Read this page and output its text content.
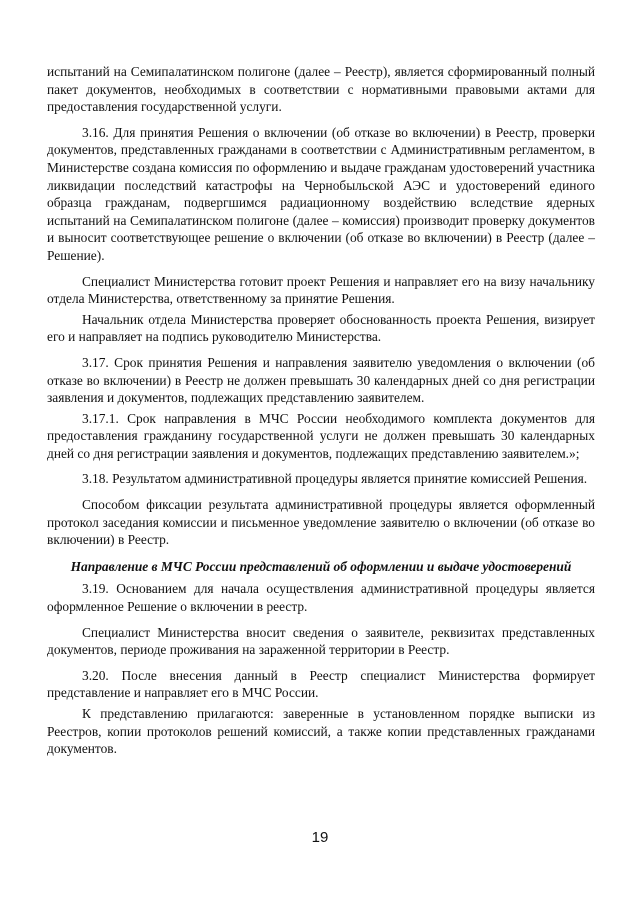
испытаний на Семипалатинском полигоне (далее – Реестр), является сформированный полный пакет документов, необходимых в соответствии с нормативными правовыми актами для предоставления государственной услуги.

3.16. Для принятия Решения о включении (об отказе во включении) в Реестр, проверки документов, представленных гражданами в соответствии с Административным регламентом, в Министерстве создана комиссия по оформлению и выдаче гражданам удостоверений участника ликвидации последствий катастрофы на Чернобыльской АЭС и удостоверений единого образца гражданам, подвергшимся радиационному воздействию вследствие ядерных испытаний на Семипалатинском полигоне (далее – комиссия) производит проверку документов и выносит соответствующее решение о включении (об отказе во включении) в Реестр (далее – Решение).

Специалист Министерства готовит проект Решения и направляет его на визу начальнику отдела Министерства, ответственному за принятие Решения.

Начальник отдела Министерства проверяет обоснованность проекта Решения, визирует его и направляет на подпись руководителю Министерства.

3.17. Срок принятия Решения и направления заявителю уведомления о включении (об отказе во включении) в Реестр не должен превышать 30 календарных дней со дня регистрации заявления и документов, подлежащих представлению заявителем.

3.17.1. Срок направления в МЧС России необходимого комплекта документов для предоставления гражданину государственной услуги не должен превышать 30 календарных дней со дня регистрации заявления и документов, подлежащих представлению заявителем.»;

3.18. Результатом административной процедуры является принятие комиссией Решения.

Способом фиксации результата административной процедуры является оформленный протокол заседания комиссии и письменное уведомление заявителю о включении (об отказе во включении) в Реестр.

Направление в МЧС России представлений об оформлении и выдаче удостоверений

3.19. Основанием для начала осуществления административной процедуры является оформленное Решение о включении в реестр.

Специалист Министерства вносит сведения о заявителе, реквизитах представленных документов, периоде проживания на зараженной территории в Реестр.

3.20. После внесения данный в Реестр специалист Министерства формирует представление и направляет его в МЧС России.

К представлению прилагаются: заверенные в установленном порядке выписки из Реестров, копии протоколов решений комиссий, а также копии представленных гражданами документов.

19
